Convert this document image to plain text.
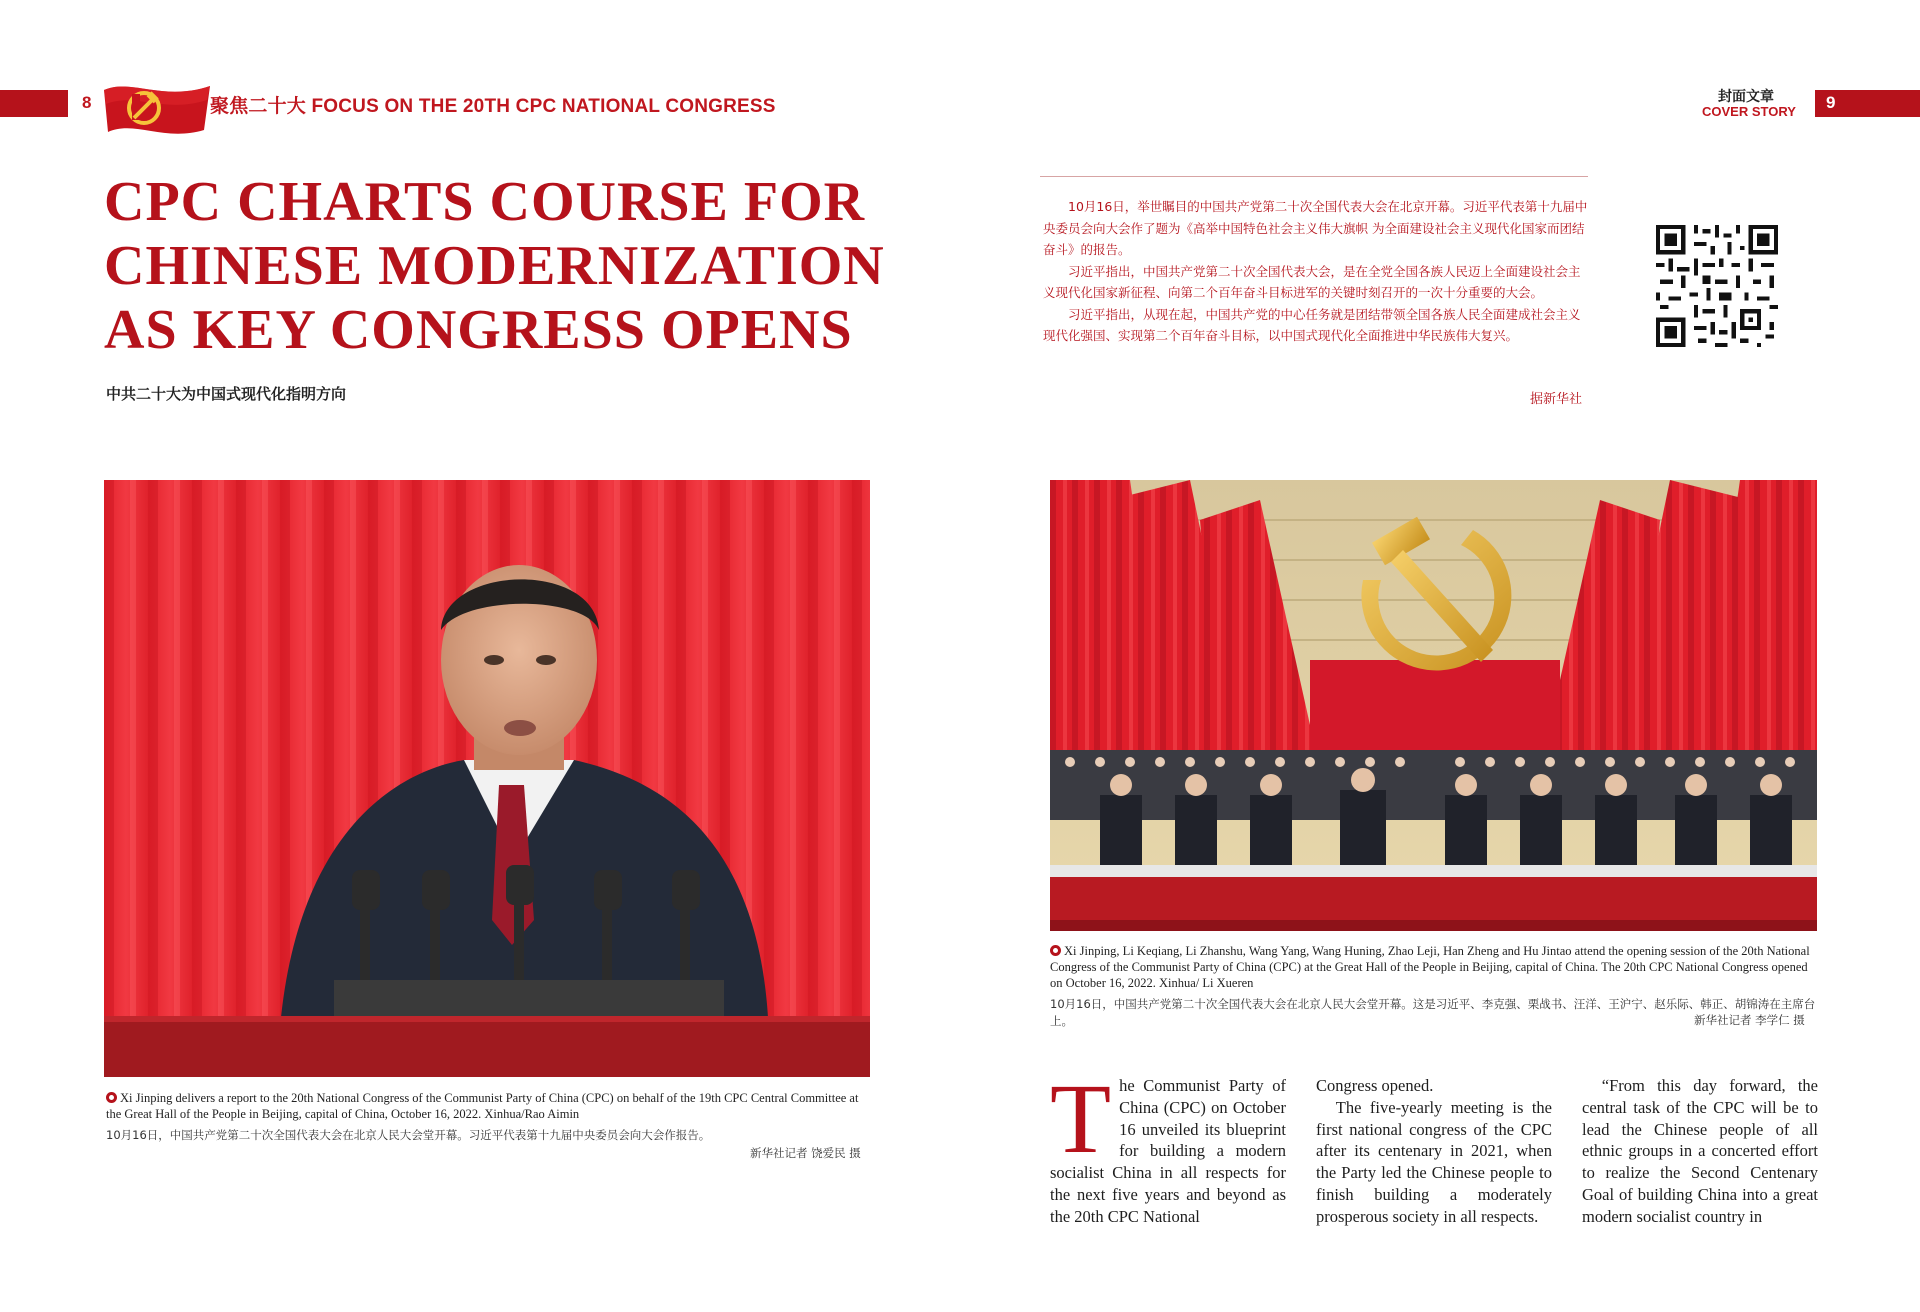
8	聚焦二十大 FOCUS ON THE 20TH CPC NATIONAL CONGRESS	封面文章
COVER STORY 9
CPC CHARTS COURSE FOR
CHINESE MODERNIZATION
AS KEY CONGRESS OPENS
中共二十大为中国式现代化指明方向

10月16日，举世瞩目的中国共产党第二十次全国代表大会在北京开幕。习近平代表第十九届中央委员会向大会作了题为《高举中国特色社会主义伟大旗帜 为全面建设社会主义现代化国家而团结奋斗》的报告。

习近平指出，中国共产党第二十次全国代表大会，是在全党全国各族人民迈上全面建设社会主义现代化国家新征程、向第二个百年奋斗目标进军的关键时刻召开的一次十分重要的大会。

习近平指出，从现在起，中国共产党的中心任务就是团结带领全国各族人民全面建成社会主义现代化强国、实现第二个百年奋斗目标，以中国式现代化全面推进中华民族伟大复兴。

据新华社
Xi Jinping delivers a report to the 20th National Congress of the Communist Party of China (CPC) on behalf of the 19th CPC Central Committee at the Great Hall of the People in Beijing, capital of China, October 16, 2022. Xinhua/Rao Aimin
10月16日，中国共产党第二十次全国代表大会在北京人民大会堂开幕。习近平代表第十九届中央委员会向大会作报告。
新华社记者 饶爱民 摄
Xi Jinping, Li Keqiang, Li Zhanshu, Wang Yang, Wang Huning, Zhao Leji, Han Zheng and Hu Jintao attend the opening session of the 20th National Congress of the Communist Party of China (CPC) at the Great Hall of the People in Beijing, capital of China. The 20th CPC National Congress opened on October 16, 2022. Xinhua/ Li Xueren
10月16日，中国共产党第二十次全国代表大会在北京人民大会堂开幕。这是习近平、李克强、栗战书、汪洋、王沪宁、赵乐际、韩正、胡锦涛在主席台上。	新华社记者 李学仁 摄
T he Communist Party of China (CPC) on October 16 unveiled its blueprint for building a modern socialist China in all respects for the next five years and beyond as the 20th CPC National

Congress opened.

The five-yearly meeting is the first national congress of the CPC after its centenary in 2021, when the Party led the Chinese people to finish building a moderately prosperous society in all respects.

“From this day forward, the central task of the CPC will be to lead the Chinese people of all ethnic groups in a concerted effort to realize the Second Centenary Goal of building China into a great modern socialist country in
